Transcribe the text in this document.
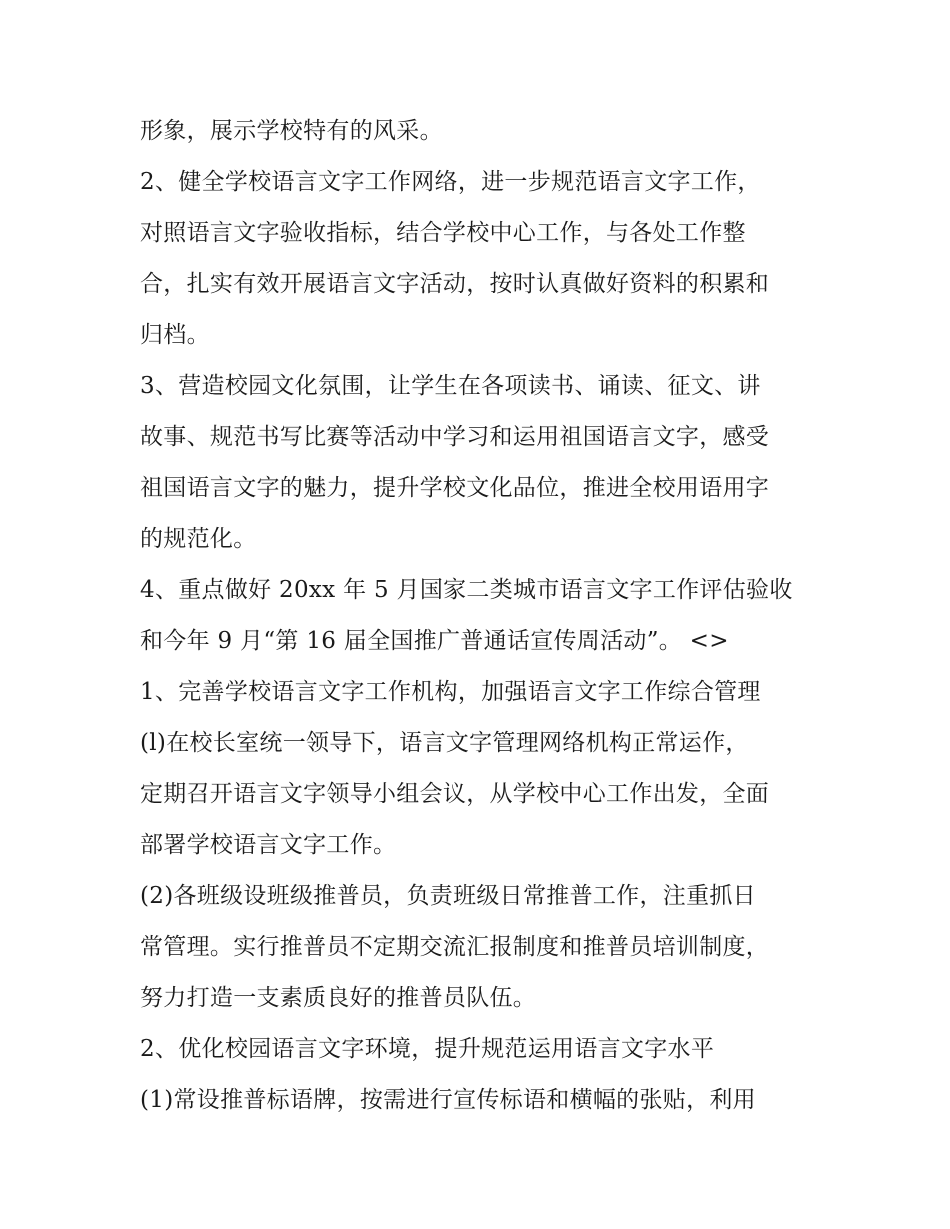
形象，展示学校特有的风采。
2、健全学校语言文字工作网络，进一步规范语言文字工作，
对照语言文字验收指标，结合学校中心工作，与各处工作整
合，扎实有效开展语言文字活动，按时认真做好资料的积累和
归档。
3、营造校园文化氛围，让学生在各项读书、诵读、征文、讲
故事、规范书写比赛等活动中学习和运用祖国语言文字，感受
祖国语言文字的魅力，提升学校文化品位，推进全校用语用字
的规范化。
4、重点做好 20xx 年 5 月国家二类城市语言文字工作评估验收
和今年 9 月“第 16 届全国推广普通话宣传周活动”。 <>
1、完善学校语言文字工作机构，加强语言文字工作综合管理
(l)在校长室统一领导下，语言文字管理网络机构正常运作，
定期召开语言文字领导小组会议，从学校中心工作出发，全面
部署学校语言文字工作。
(2)各班级设班级推普员，负责班级日常推普工作，注重抓日
常管理。实行推普员不定期交流汇报制度和推普员培训制度，
努力打造一支素质良好的推普员队伍。
2、优化校园语言文字环境，提升规范运用语言文字水平
(1)常设推普标语牌，按需进行宣传标语和横幅的张贴，利用
